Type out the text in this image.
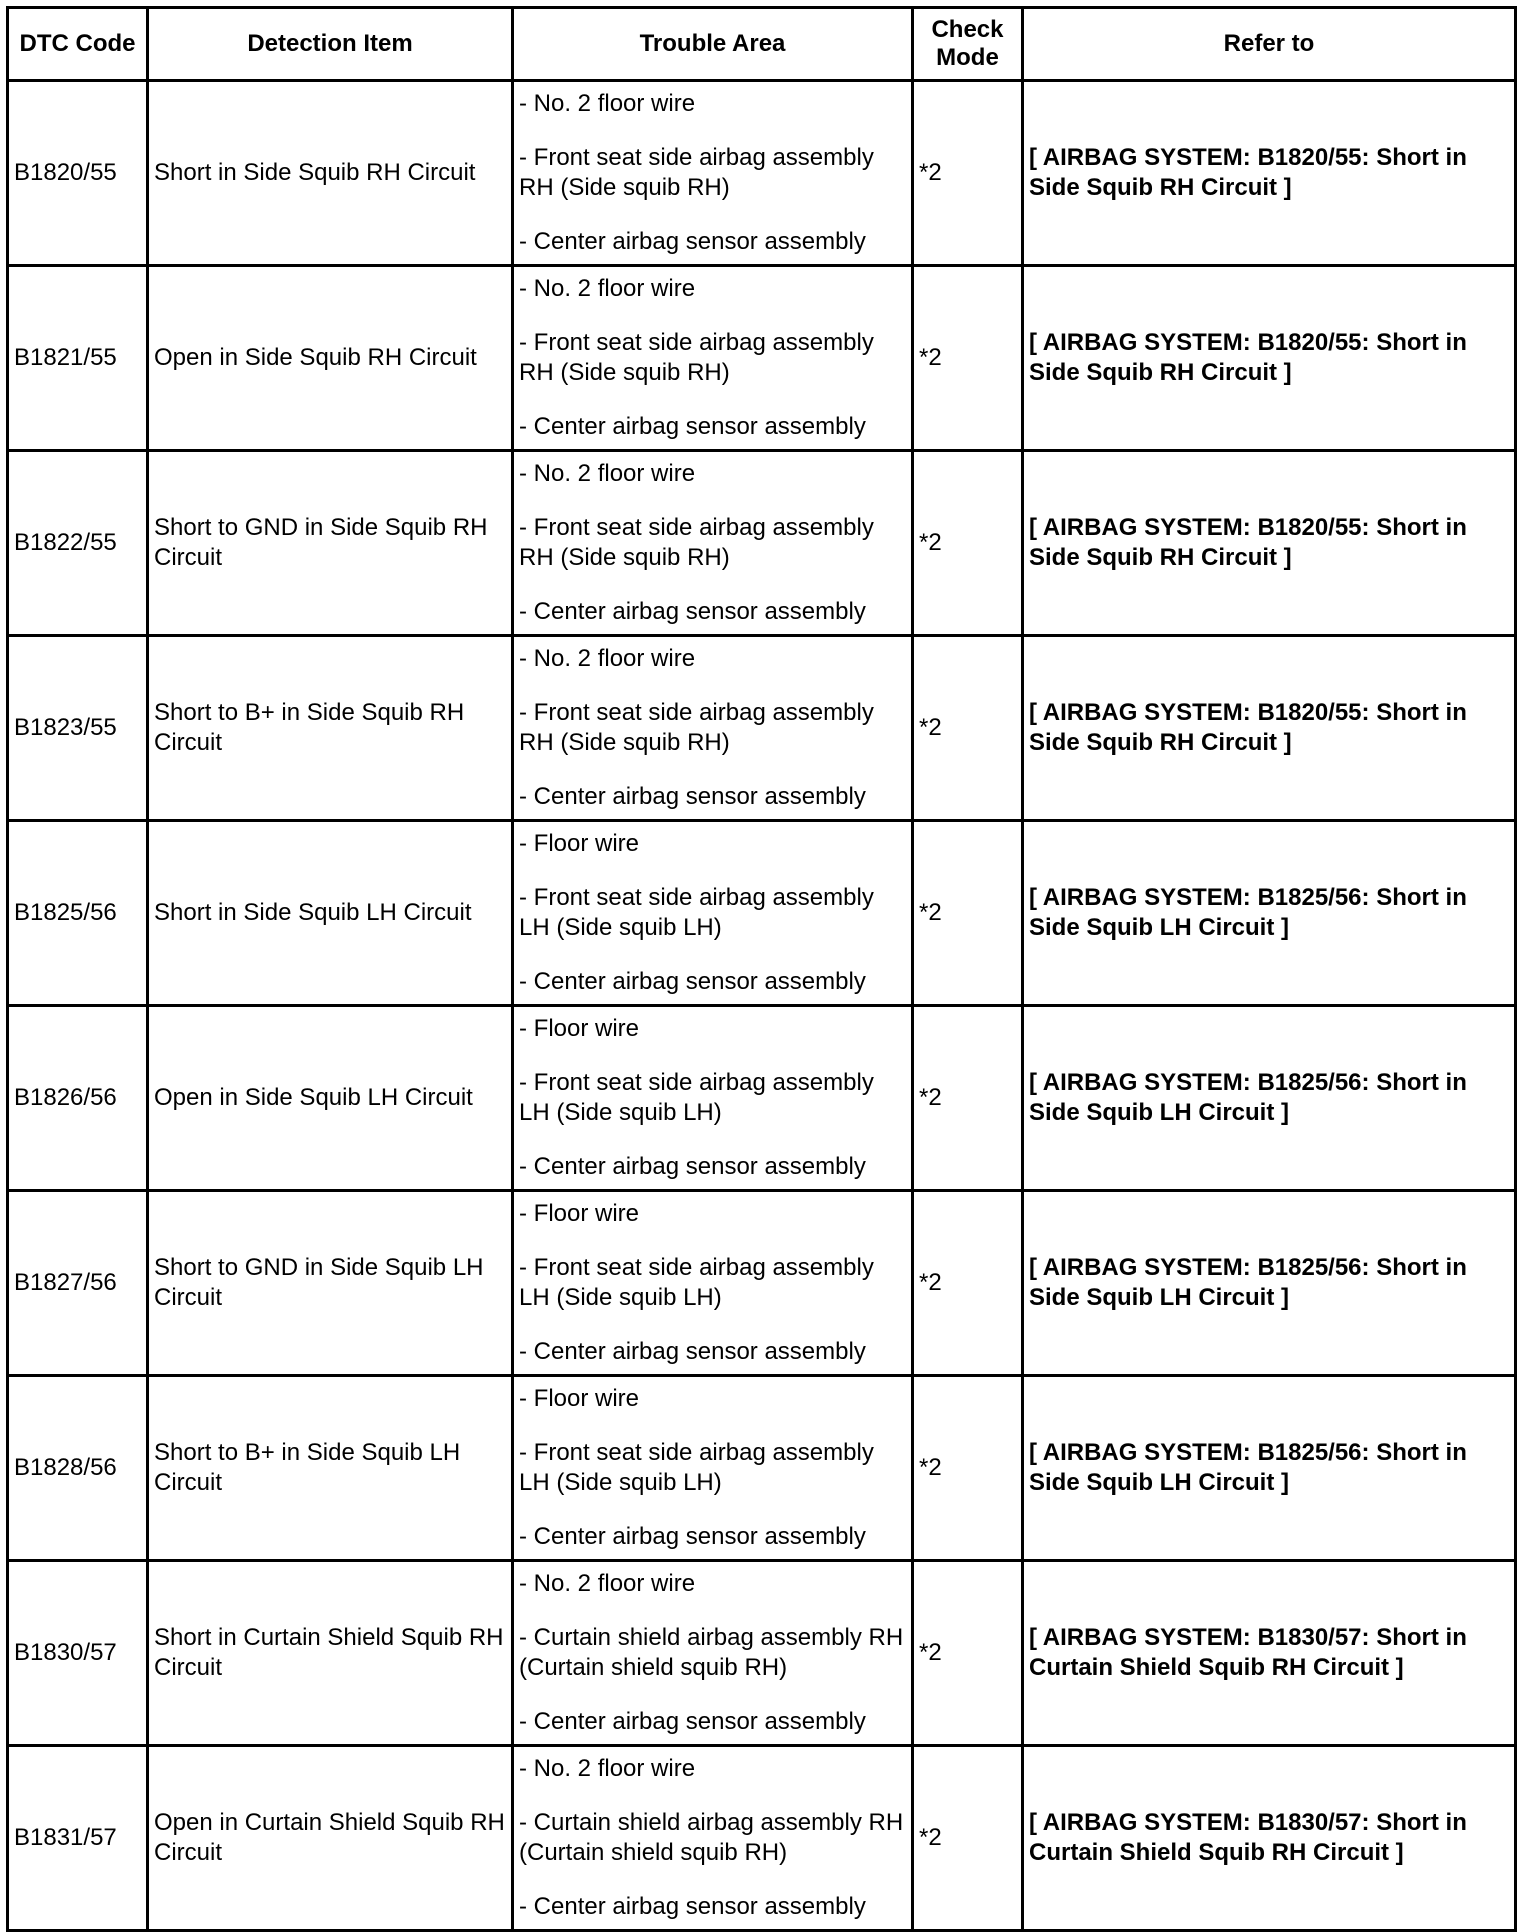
DTC Code	Detection Item	Trouble Area	Check Mode	Refer to
B1820/55	Short in Side Squib RH Circuit	- No. 2 floor wire
- Front seat side airbag assembly RH (Side squib RH)
- Center airbag sensor assembly	*2	[ AIRBAG SYSTEM: B1820/55: Short in Side Squib RH Circuit ]
B1821/55	Open in Side Squib RH Circuit	- No. 2 floor wire
- Front seat side airbag assembly RH (Side squib RH)
- Center airbag sensor assembly	*2	[ AIRBAG SYSTEM: B1820/55: Short in Side Squib RH Circuit ]
B1822/55	Short to GND in Side Squib RH Circuit	- No. 2 floor wire
- Front seat side airbag assembly RH (Side squib RH)
- Center airbag sensor assembly	*2	[ AIRBAG SYSTEM: B1820/55: Short in Side Squib RH Circuit ]
B1823/55	Short to B+ in Side Squib RH Circuit	- No. 2 floor wire
- Front seat side airbag assembly RH (Side squib RH)
- Center airbag sensor assembly	*2	[ AIRBAG SYSTEM: B1820/55: Short in Side Squib RH Circuit ]
B1825/56	Short in Side Squib LH Circuit	- Floor wire
- Front seat side airbag assembly LH (Side squib LH)
- Center airbag sensor assembly	*2	[ AIRBAG SYSTEM: B1825/56: Short in Side Squib LH Circuit ]
B1826/56	Open in Side Squib LH Circuit	- Floor wire
- Front seat side airbag assembly LH (Side squib LH)
- Center airbag sensor assembly	*2	[ AIRBAG SYSTEM: B1825/56: Short in Side Squib LH Circuit ]
B1827/56	Short to GND in Side Squib LH Circuit	- Floor wire
- Front seat side airbag assembly LH (Side squib LH)
- Center airbag sensor assembly	*2	[ AIRBAG SYSTEM: B1825/56: Short in Side Squib LH Circuit ]
B1828/56	Short to B+ in Side Squib LH Circuit	- Floor wire
- Front seat side airbag assembly LH (Side squib LH)
- Center airbag sensor assembly	*2	[ AIRBAG SYSTEM: B1825/56: Short in Side Squib LH Circuit ]
B1830/57	Short in Curtain Shield Squib RH Circuit	- No. 2 floor wire
- Curtain shield airbag assembly RH (Curtain shield squib RH)
- Center airbag sensor assembly	*2	[ AIRBAG SYSTEM: B1830/57: Short in Curtain Shield Squib RH Circuit ]
B1831/57	Open in Curtain Shield Squib RH Circuit	- No. 2 floor wire
- Curtain shield airbag assembly RH (Curtain shield squib RH)
- Center airbag sensor assembly	*2	[ AIRBAG SYSTEM: B1830/57: Short in Curtain Shield Squib RH Circuit ]
